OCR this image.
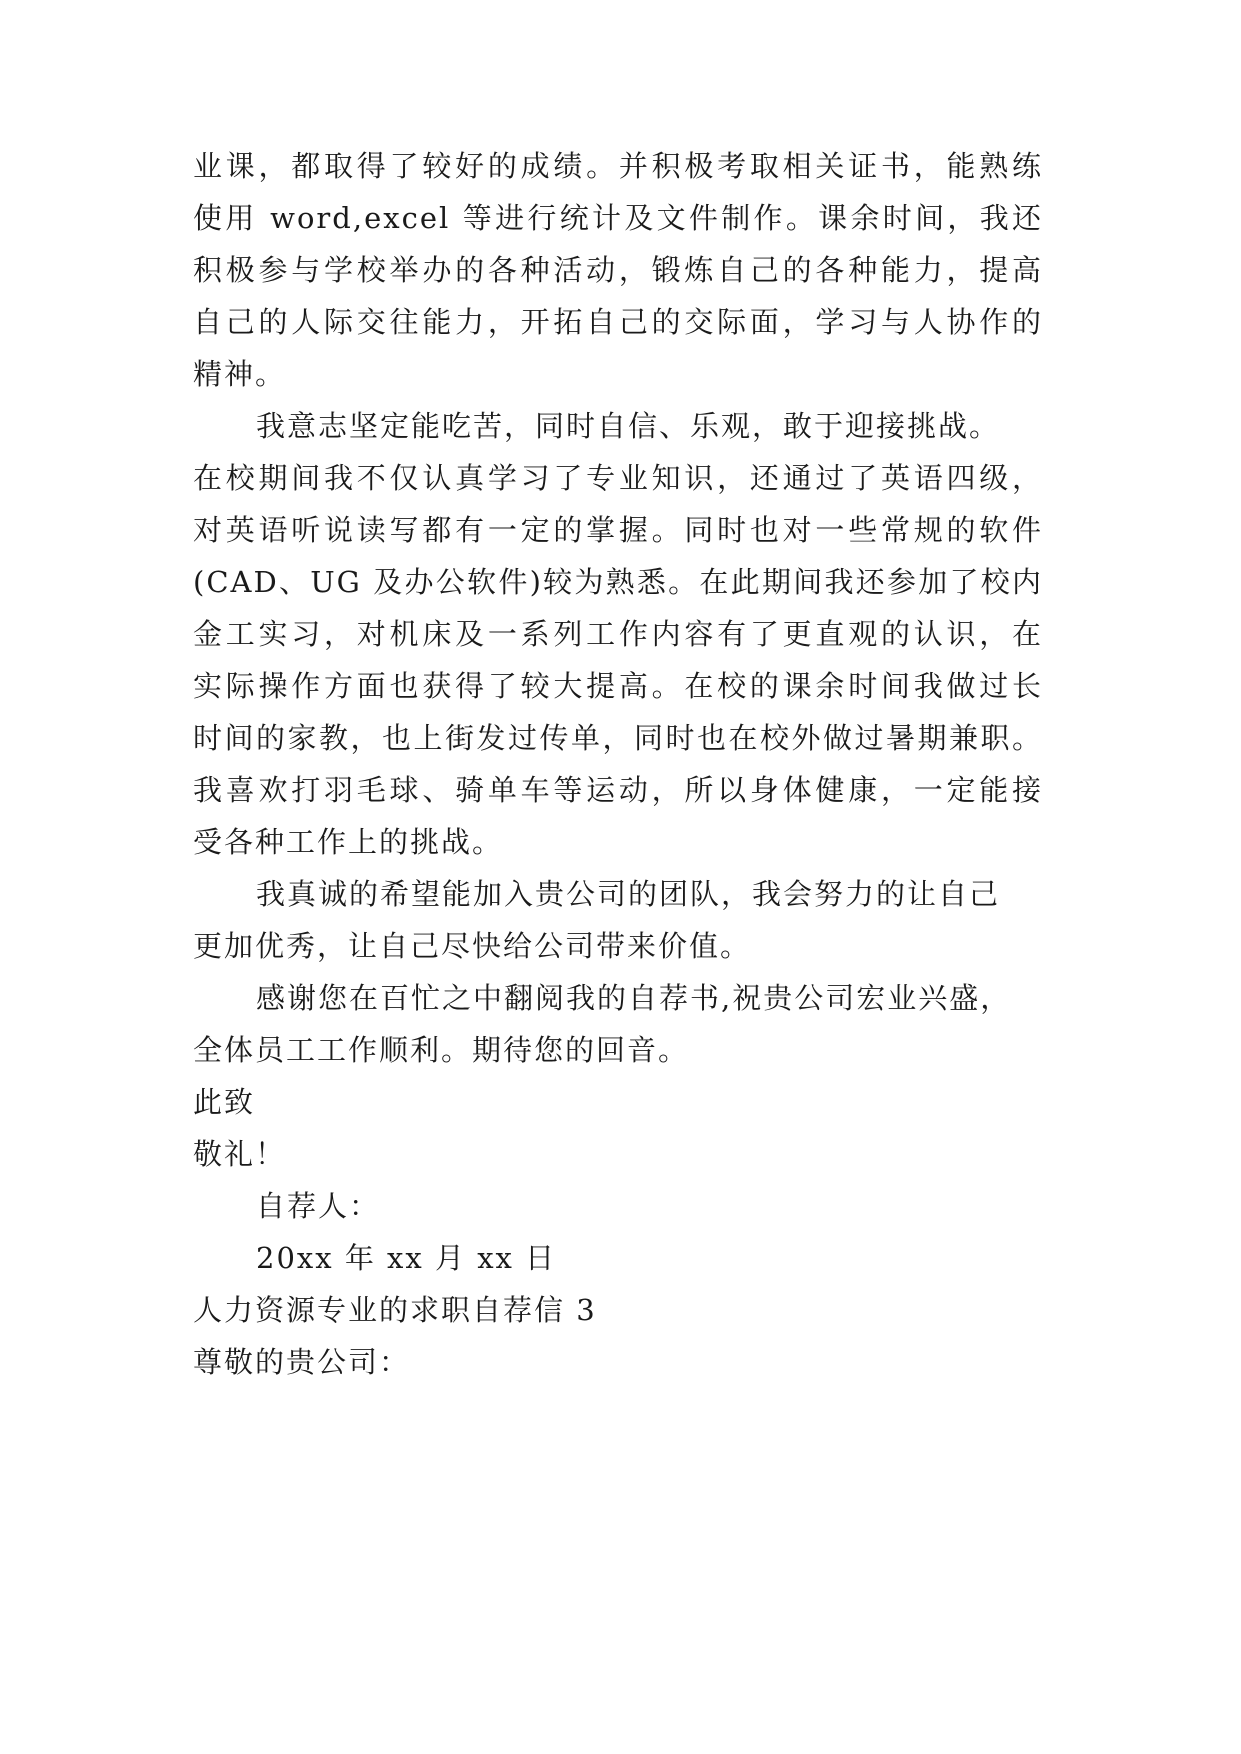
业课，都取得了较好的成绩。并积极考取相关证书，能熟练
使用 word,excel 等进行统计及文件制作。课余时间，我还
积极参与学校举办的各种活动，锻炼自己的各种能力，提高
自己的人际交往能力，开拓自己的交际面，学习与人协作的
精神。
我意志坚定能吃苦，同时自信、乐观，敢于迎接挑战。
在校期间我不仅认真学习了专业知识，还通过了英语四级，
对英语听说读写都有一定的掌握。同时也对一些常规的软件
(CAD、UG 及办公软件)较为熟悉。在此期间我还参加了校内
金工实习，对机床及一系列工作内容有了更直观的认识，在
实际操作方面也获得了较大提高。在校的课余时间我做过长
时间的家教，也上街发过传单，同时也在校外做过暑期兼职。
我喜欢打羽毛球、骑单车等运动，所以身体健康，一定能接
受各种工作上的挑战。
我真诚的希望能加入贵公司的团队，我会努力的让自己
更加优秀，让自己尽快给公司带来价值。
感谢您在百忙之中翻阅我的自荐书,祝贵公司宏业兴盛，
全体员工工作顺利。期待您的回音。
此致
敬礼！
自荐人：
20xx 年 xx 月 xx 日
人力资源专业的求职自荐信 3
尊敬的贵公司：
